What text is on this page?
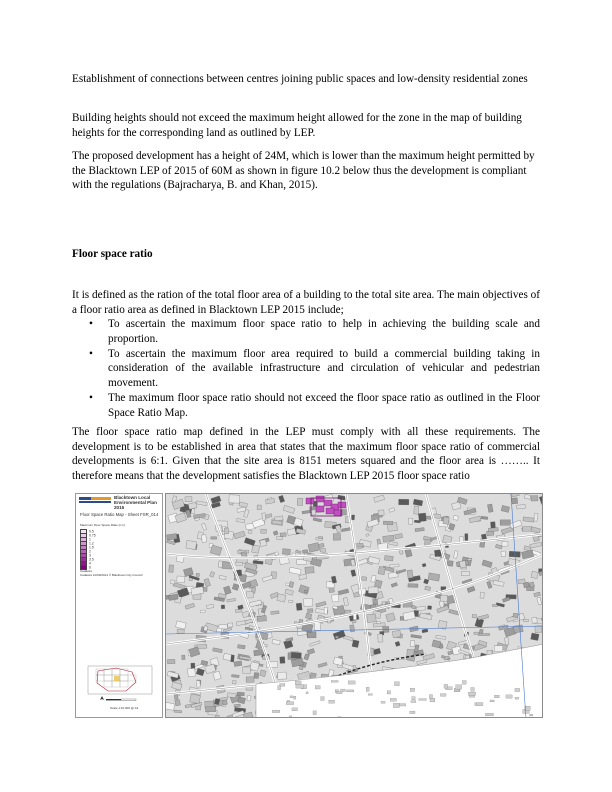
Establishment of connections between centres joining public spaces and low-density residential zones

Building heights should not exceed the maximum height allowed for the zone in the map of building heights for the corresponding land as outlined by LEP.

The proposed development has a height of 24M, which is lower than the maximum height permitted by the Blacktown LEP of 2015 of 60M as shown in figure 10.2 below thus the development is compliant with the regulations (Bajracharya, B. and Khan, 2015).

Floor space ratio

It is defined as the ration of the total floor area of a building to the total site area. The main objectives of a floor ratio area as defined in Blacktown LEP 2015 include;

• To ascertain the maximum floor space ratio to help in achieving the building scale and proportion.
• To ascertain the maximum floor area required to build a commercial building taking in consideration of the available infrastructure and circulation of vehicular and pedestrian movement.
• The maximum floor space ratio should not exceed the floor space ratio as outlined in the Floor Space Ratio Map.

The floor space ratio map defined in the LEP must comply with all these requirements. The development is to be established in area that states that the maximum floor space ratio of commercial developments is 6:1. Given that the site area is 8151 meters squared and the floor area is …….. It therefore means that the development satisfies the Blacktown LEP 2015 floor space ratio

Blacktown Local Environmental Plan 2015
Floor Space Ratio Map - Sheet FSR_014
Maximum Floor Space Ratio (n:1)
0.5
0.75
1
1.2
1.5
2
3
3.5
4
6
Cadastre
Cadastre 10/09/2014 © Blacktown City Council
Scale 1:10,000 @ A3
